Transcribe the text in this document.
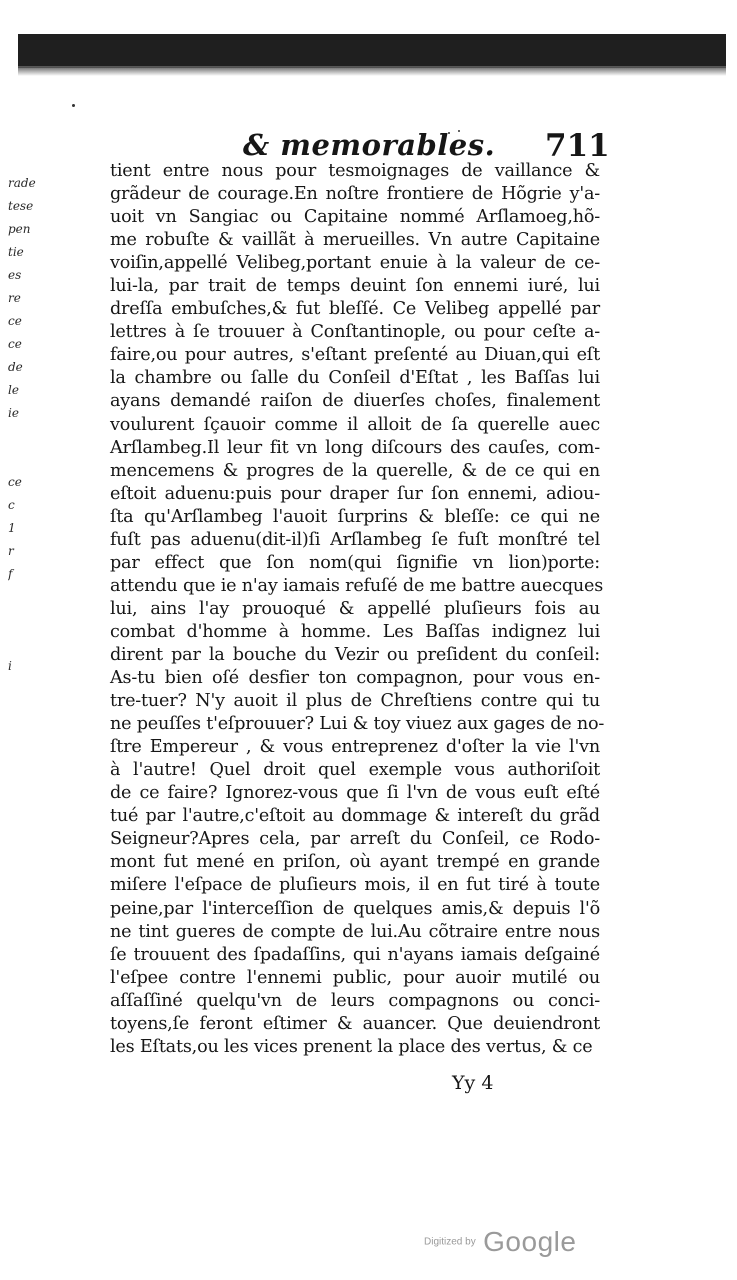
rade
tese
pen
tie
es
re
ce
ce
de
le
ie
ce
c
1
r
f
i
& memorables. 711
tient entre nous pour tesmoignages de vaillance &
grãdeur de courage.En noſtre frontiere de Hõgrie y'a-
uoit vn Sangiac ou Capitaine nommé Arſlamoeg,hõ-
me robuſte & vaillãt à merueilles. Vn autre Capitaine
voiſin,appellé Velibeg,portant enuie à la valeur de ce-
lui-la, par trait de temps deuint ſon ennemi iuré, lui
dreſſa embuſches,& fut bleſſé. Ce Velibeg appellé par
lettres à ſe trouuer à Conſtantinople, ou pour ceſte a-
faire,ou pour autres, s'eſtant preſenté au Diuan,qui eſt
la chambre ou ſalle du Conſeil d'Eſtat , les Baſſas lui
ayans demandé raiſon de diuerſes choſes, finalement
voulurent ſçauoir comme il alloit de ſa querelle auec
Arſlambeg.Il leur fit vn long diſcours des cauſes, com-
mencemens & progres de la querelle, & de ce qui en
eſtoit aduenu:puis pour draper ſur ſon ennemi, adiou-
ſta qu'Arſlambeg l'auoit ſurprins & bleſſe: ce qui ne
fuſt pas aduenu(dit-il)ſi Arſlambeg ſe fuſt monſtré tel
par effect que ſon nom(qui ſignifie vn lion)porte:
attendu que ie n'ay iamais refuſé de me battre auecques
lui, ains l'ay prouoqué & appellé pluſieurs fois au
combat d'homme à homme. Les Baſſas indignez lui
dirent par la bouche du Vezir ou preſident du conſeil:
As-tu bien oſé desfier ton compagnon, pour vous en-
tre-tuer? N'y auoit il plus de Chreſtiens contre qui tu
ne peuſſes t'eſprouuer? Lui & toy viuez aux gages de no-
ſtre Empereur , & vous entreprenez d'oſter la vie l'vn
à l'autre! Quel droit quel exemple vous authoriſoit
de ce faire? Ignorez-vous que ſi l'vn de vous euſt eſté
tué par l'autre,c'eſtoit au dommage & intereſt du grãd
Seigneur?Apres cela, par arreſt du Conſeil, ce Rodo-
mont fut mené en priſon, où ayant trempé en grande
miſere l'eſpace de pluſieurs mois, il en fut tiré à toute
peine,par l'interceſſion de quelques amis,& depuis l'õ
ne tint gueres de compte de lui.Au cõtraire entre nous
ſe trouuent des ſpadaſſins, qui n'ayans iamais deſgainé
l'eſpee contre l'ennemi public, pour auoir mutilé ou
aſſaſſiné quelqu'vn de leurs compagnons ou conci-
toyens,ſe feront eſtimer & auancer. Que deuiendront
les Eſtats,ou les vices prenent la place des vertus, & ce
Yy 4
Digitized by Google
